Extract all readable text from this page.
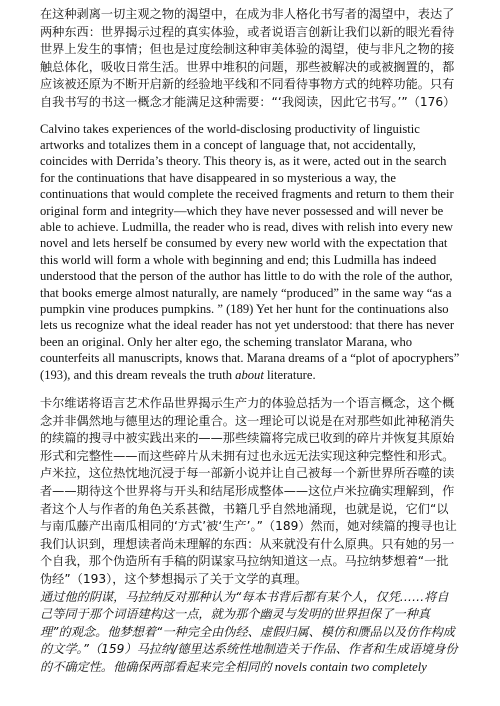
在这种剥离一切主观之物的渴望中，在成为非人格化书写者的渴望中，表达了两种东西：世界揭示过程的真实体验，或者说语言创新让我们以新的眼光看待世界上发生的事情；但也是过度绘制这种审美体验的渴望，使与非凡之物的接触总体化，吸收日常生活。世界中堆积的问题，那些被解决的或被搁置的，都应该被还原为不断开启新的经验地平线和不同看待事物方式的纯粹功能。只有自我书写的书这一概念才能满足这种需要：“‘我阅读，因此它书写。’”（176）

Calvino takes experiences of the world-disclosing productivity of linguistic artworks and totalizes them in a concept of language that, not accidentally, coincides with Derrida’s theory. This theory is, as it were, acted out in the search for the continuations that have disappeared in so mysterious a way, the continuations that would complete the received fragments and return to them their original form and integrity—which they have never possessed and will never be able to achieve. Ludmilla, the reader who is read, dives with relish into every new novel and lets herself be consumed by every new world with the expectation that this world will form a whole with beginning and end; this Ludmilla has indeed understood that the person of the author has little to do with the role of the author, that books emerge almost naturally, are namely “produced” in the same way “as a pumpkin vine produces pumpkins. ” (189) Yet her hunt for the continuations also lets us recognize what the ideal reader has not yet understood: that there has never been an original. Only her alter ego, the scheming translator Marana, who counterfeits all manuscripts, knows that. Marana dreams of a “plot of apocryphers” (193), and this dream reveals the truth about literature.

卡尔维诺将语言艺术作品世界揭示生产力的体验总括为一个语言概念，这个概念并非偶然地与德里达的理论重合。这一理论可以说是在对那些如此神秘消失的续篇的搜寻中被实践出来的——那些续篇将完成已收到的碎片并恢复其原始形式和完整性——而这些碎片从未拥有过也永远无法实现这种完整性和形式。卢米拉，这位热忱地沉浸于每一部新小说并让自己被每一个新世界所吞噬的读者——期待这个世界将与开头和结尾形成整体——这位卢米拉确实理解到，作者这个人与作者的角色关系甚微，书籍几乎自然地涌现，也就是说，它们“以与南瓜藤产出南瓜相同的‘方式’被‘生产’。”（189）然而，她对续篇的搜寻也让我们认识到，理想读者尚未理解的东西：从来就没有什么原典。只有她的另一个自我，那个伪造所有手稿的阴谋家马拉纳知道这一点。马拉纳梦想着“一批伪经”（193），这个梦想揭示了关于文学的真理。

通过他的阴谋，马拉纳反对那种认为“每本书背后都有某个人，仅凭……将自己等同于那个词语建构这一点，就为那个幽灵与发明的世界担保了一种真理”的观念。他梦想着“一种完全由伪经、虚假归属、模仿和赝品以及仿作构成的文学。”（159）马拉纳/德里达系统性地制造关于作品、作者和生成语境身份的不确定性。他确保两部看起来完全相同的 novels contain two completely
